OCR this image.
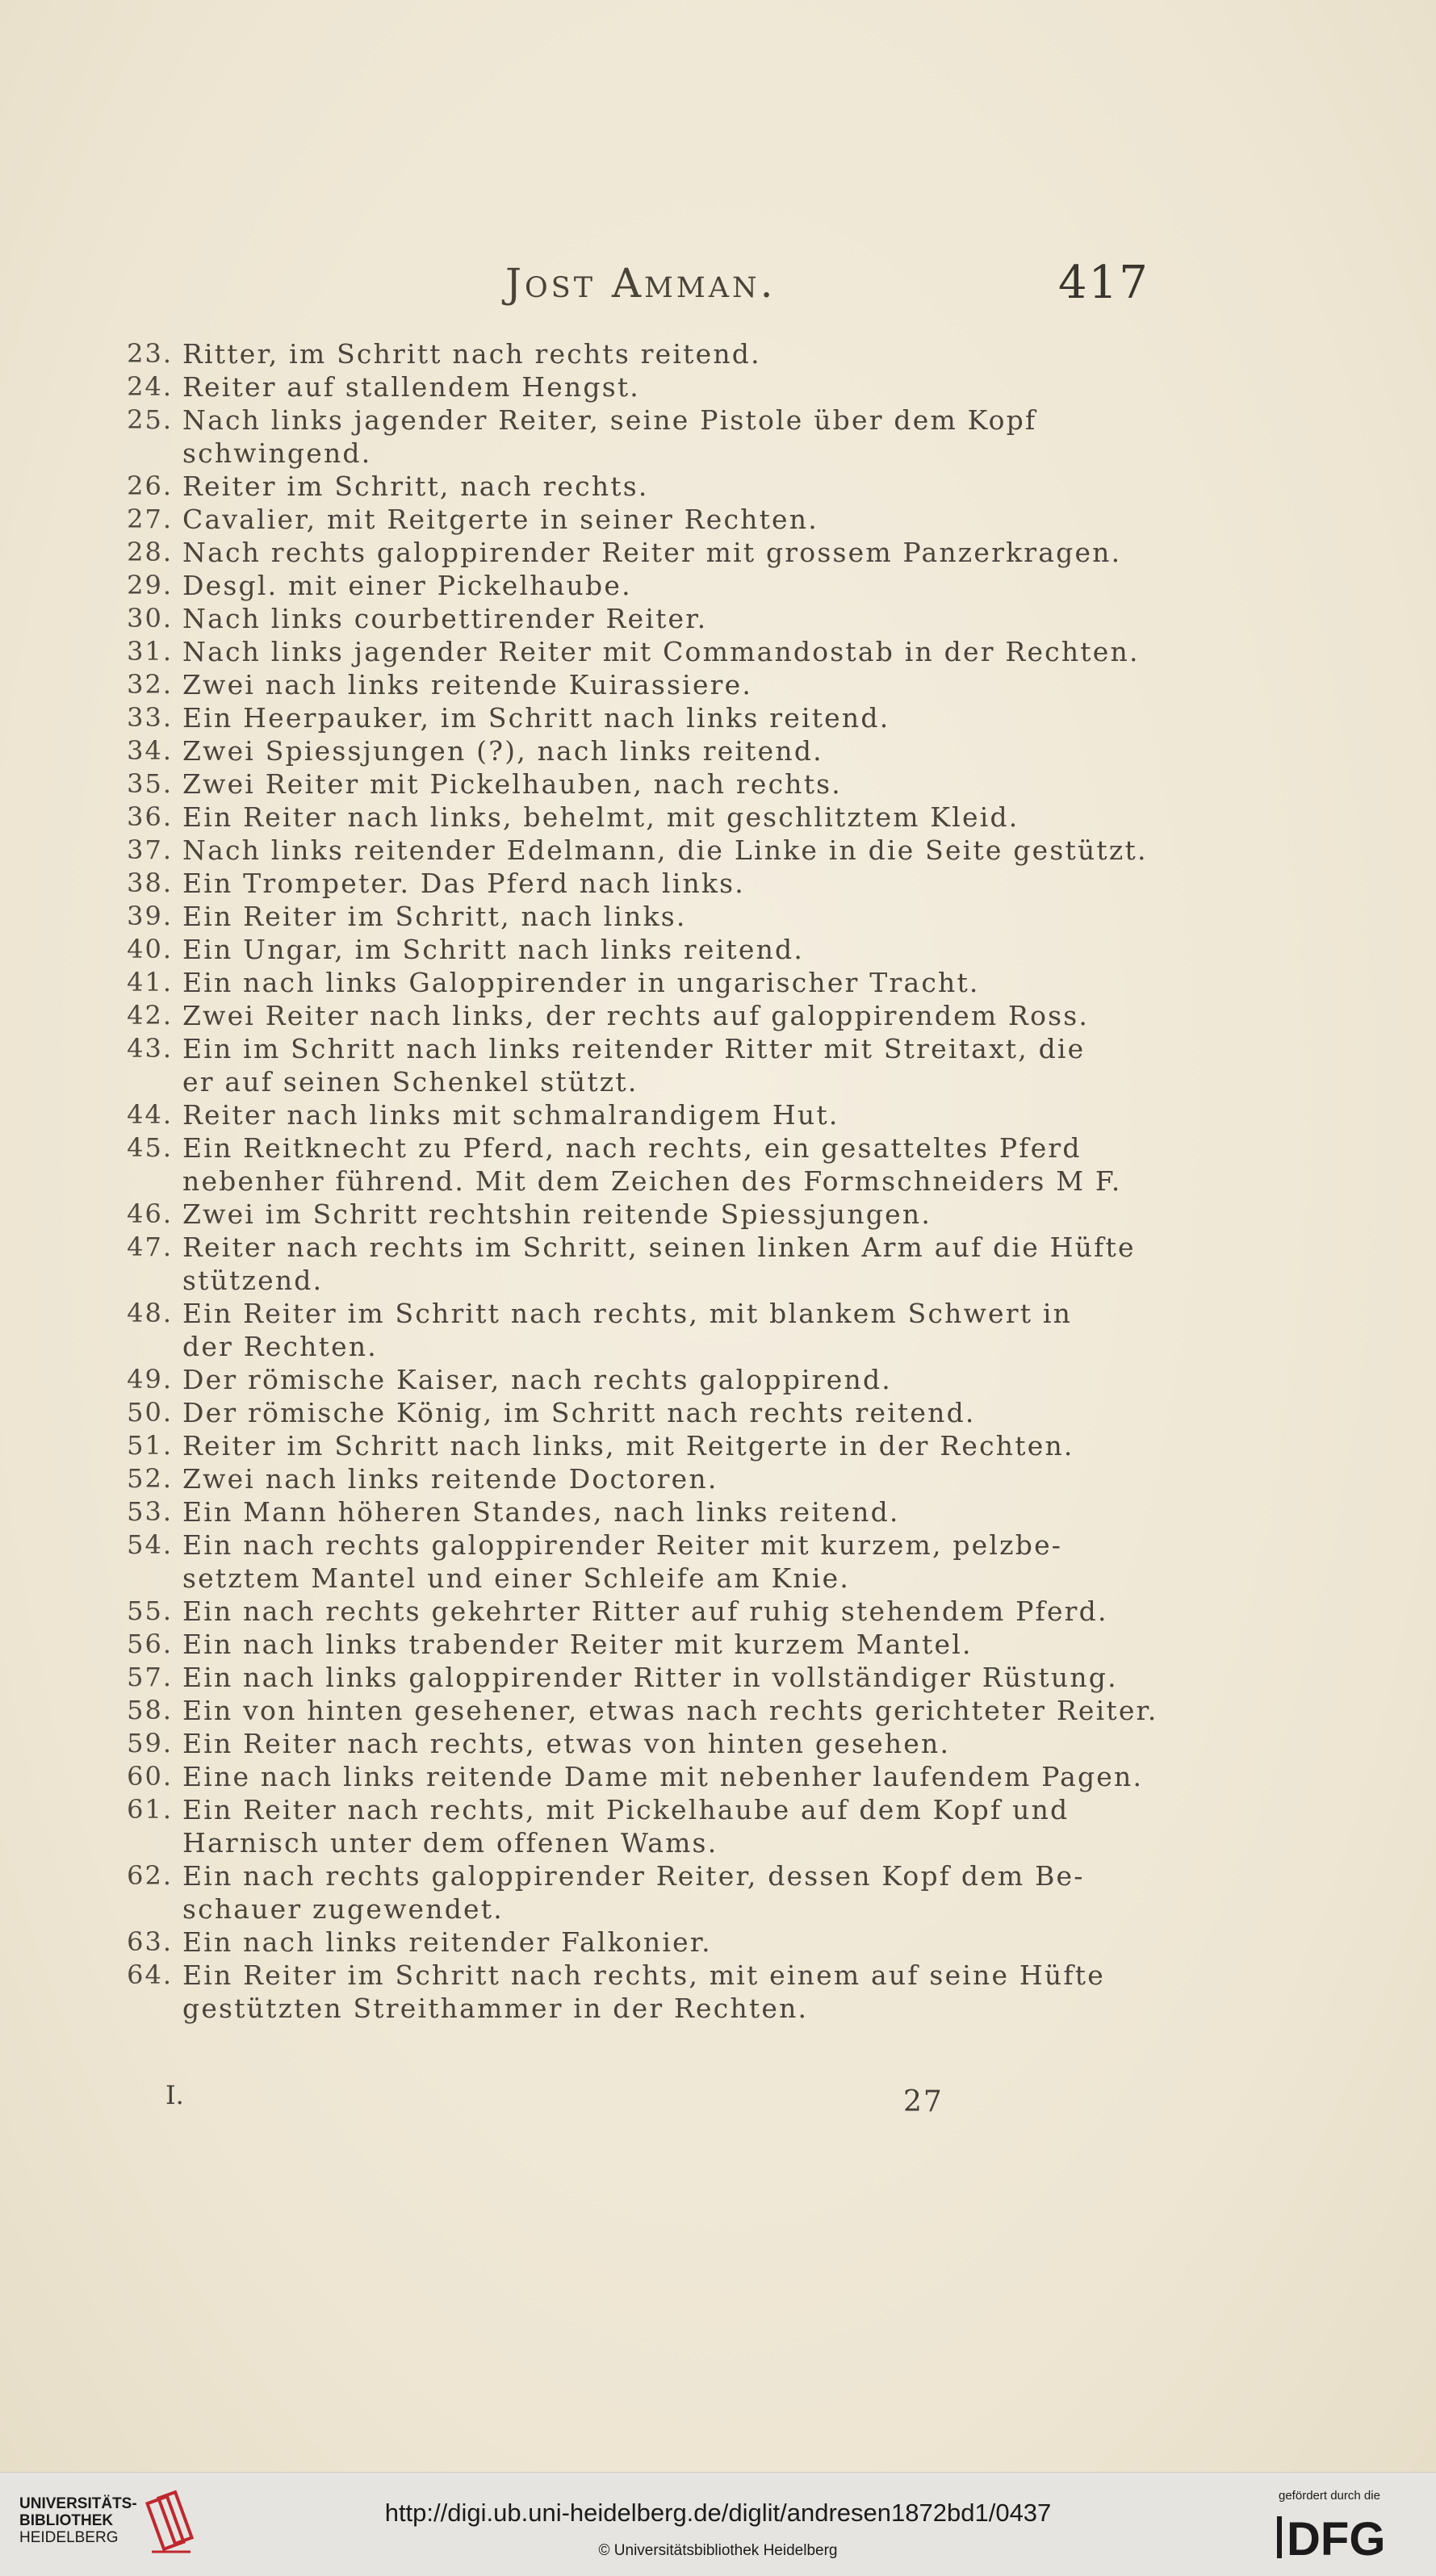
Jost Amman.	417
23. Ritter, im Schritt nach rechts reitend.
24. Reiter auf stallendem Hengst.
25. Nach links jagender Reiter, seine Pistole über dem Kopf
schwingend.
26. Reiter im Schritt, nach rechts.
27. Cavalier, mit Reitgerte in seiner Rechten.
28. Nach rechts galoppirender Reiter mit grossem Panzerkragen.
29. Desgl. mit einer Pickelhaube.
30. Nach links courbettirender Reiter.
31. Nach links jagender Reiter mit Commandostab in der Rechten.
32. Zwei nach links reitende Kuirassiere.
33. Ein Heerpauker, im Schritt nach links reitend.
34. Zwei Spiessjungen (?), nach links reitend.
35. Zwei Reiter mit Pickelhauben, nach rechts.
36. Ein Reiter nach links, behelmt, mit geschlitztem Kleid.
37. Nach links reitender Edelmann, die Linke in die Seite gestützt.
38. Ein Trompeter. Das Pferd nach links.
39. Ein Reiter im Schritt, nach links.
40. Ein Ungar, im Schritt nach links reitend.
41. Ein nach links Galoppirender in ungarischer Tracht.
42. Zwei Reiter nach links, der rechts auf galoppirendem Ross.
43. Ein im Schritt nach links reitender Ritter mit Streitaxt, die
er auf seinen Schenkel stützt.
44. Reiter nach links mit schmalrandigem Hut.
45. Ein Reitknecht zu Pferd, nach rechts, ein gesatteltes Pferd
nebenher führend. Mit dem Zeichen des Formschneiders M F.
46. Zwei im Schritt rechtshin reitende Spiessjungen.
47. Reiter nach rechts im Schritt, seinen linken Arm auf die Hüfte
stützend.
48. Ein Reiter im Schritt nach rechts, mit blankem Schwert in
der Rechten.
49. Der römische Kaiser, nach rechts galoppirend.
50. Der römische König, im Schritt nach rechts reitend.
51. Reiter im Schritt nach links, mit Reitgerte in der Rechten.
52. Zwei nach links reitende Doctoren.
53. Ein Mann höheren Standes, nach links reitend.
54. Ein nach rechts galoppirender Reiter mit kurzem, pelzbe-
setztem Mantel und einer Schleife am Knie.
55. Ein nach rechts gekehrter Ritter auf ruhig stehendem Pferd.
56. Ein nach links trabender Reiter mit kurzem Mantel.
57. Ein nach links galoppirender Ritter in vollständiger Rüstung.
58. Ein von hinten gesehener, etwas nach rechts gerichteter Reiter.
59. Ein Reiter nach rechts, etwas von hinten gesehen.
60. Eine nach links reitende Dame mit nebenher laufendem Pagen.
61. Ein Reiter nach rechts, mit Pickelhaube auf dem Kopf und
Harnisch unter dem offenen Wams.
62. Ein nach rechts galoppirender Reiter, dessen Kopf dem Be-
schauer zugewendet.
63. Ein nach links reitender Falkonier.
64. Ein Reiter im Schritt nach rechts, mit einem auf seine Hüfte
gestützten Streithammer in der Rechten.
I.	27
UNIVERSITÄTS-
BIBLIOTHEK
HEIDELBERG
http://digi.ub.uni-heidelberg.de/diglit/andresen1872bd1/0437
© Universitätsbibliothek Heidelberg
gefördert durch die
DFG
